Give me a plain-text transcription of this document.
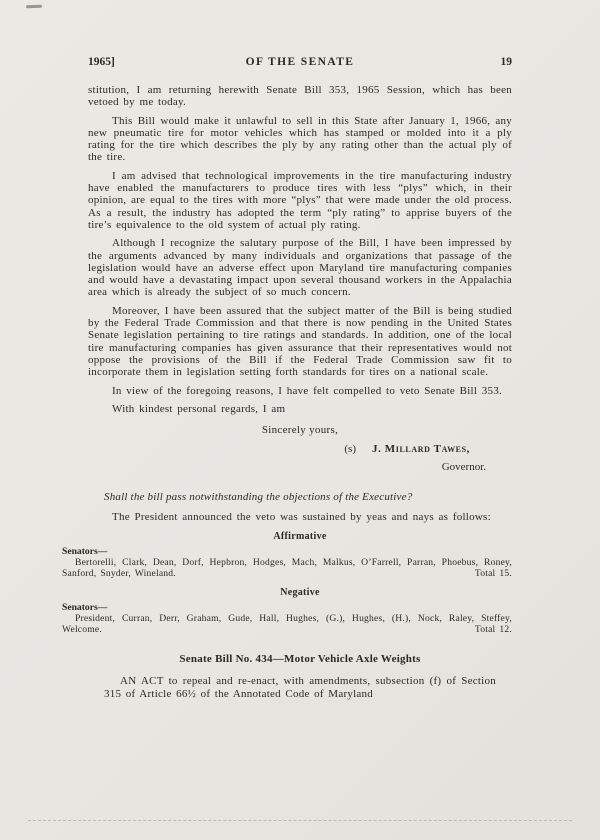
1965]	OF THE SENATE	19

stitution, I am returning herewith Senate Bill 353, 1965 Session, which has been vetoed by me today.

This Bill would make it unlawful to sell in this State after January 1, 1966, any new pneumatic tire for motor vehicles which has stamped or molded into it a ply rating for the tire which describes the ply by any rating other than the actual ply of the tire.

I am advised that technological improvements in the tire manufacturing industry have enabled the manufacturers to produce tires with less “plys” which, in their opinion, are equal to the tires with more “plys” that were made under the old process. As a result, the industry has adopted the term “ply rating” to apprise buyers of the tire’s equivalence to the old system of actual ply rating.

Although I recognize the salutary purpose of the Bill, I have been impressed by the arguments advanced by many individuals and organizations that passage of the legislation would have an adverse effect upon Maryland tire manufacturing companies and would have a devastating impact upon several thousand workers in the Appalachia area which is already the subject of so much concern.

Moreover, I have been assured that the subject matter of the Bill is being studied by the Federal Trade Commission and that there is now pending in the United States Senate legislation pertaining to tire ratings and standards. In addition, one of the local tire manufacturing companies has given assurance that their representatives would not oppose the provisions of the Bill if the Federal Trade Commission saw fit to incorporate them in legislation setting forth standards for tires on a national scale.

In view of the foregoing reasons, I have felt compelled to veto Senate Bill 353.

With kindest personal regards, I am

Sincerely yours,
(s) J. Millard Tawes,
Governor.
Shall the bill pass notwithstanding the objections of the Executive?

The President announced the veto was sustained by yeas and nays as follows:

Affirmative
Senators—
Bertorelli, Clark, Dean, Dorf, Hepbron, Hodges, Mach, Malkus, O’Farrell, Parran, Phoebus, Roney, Sanford, Snyder, Wineland.	Total 15.
Negative
Senators—
President, Curran, Derr, Graham, Gude, Hall, Hughes, (G.), Hughes, (H.), Nock, Raley, Steffey, Welcome.	Total 12.
Senate Bill No. 434—Motor Vehicle Axle Weights

AN ACT to repeal and re-enact, with amendments, subsection (f) of Section 315 of Article 66½ of the Annotated Code of Maryland
